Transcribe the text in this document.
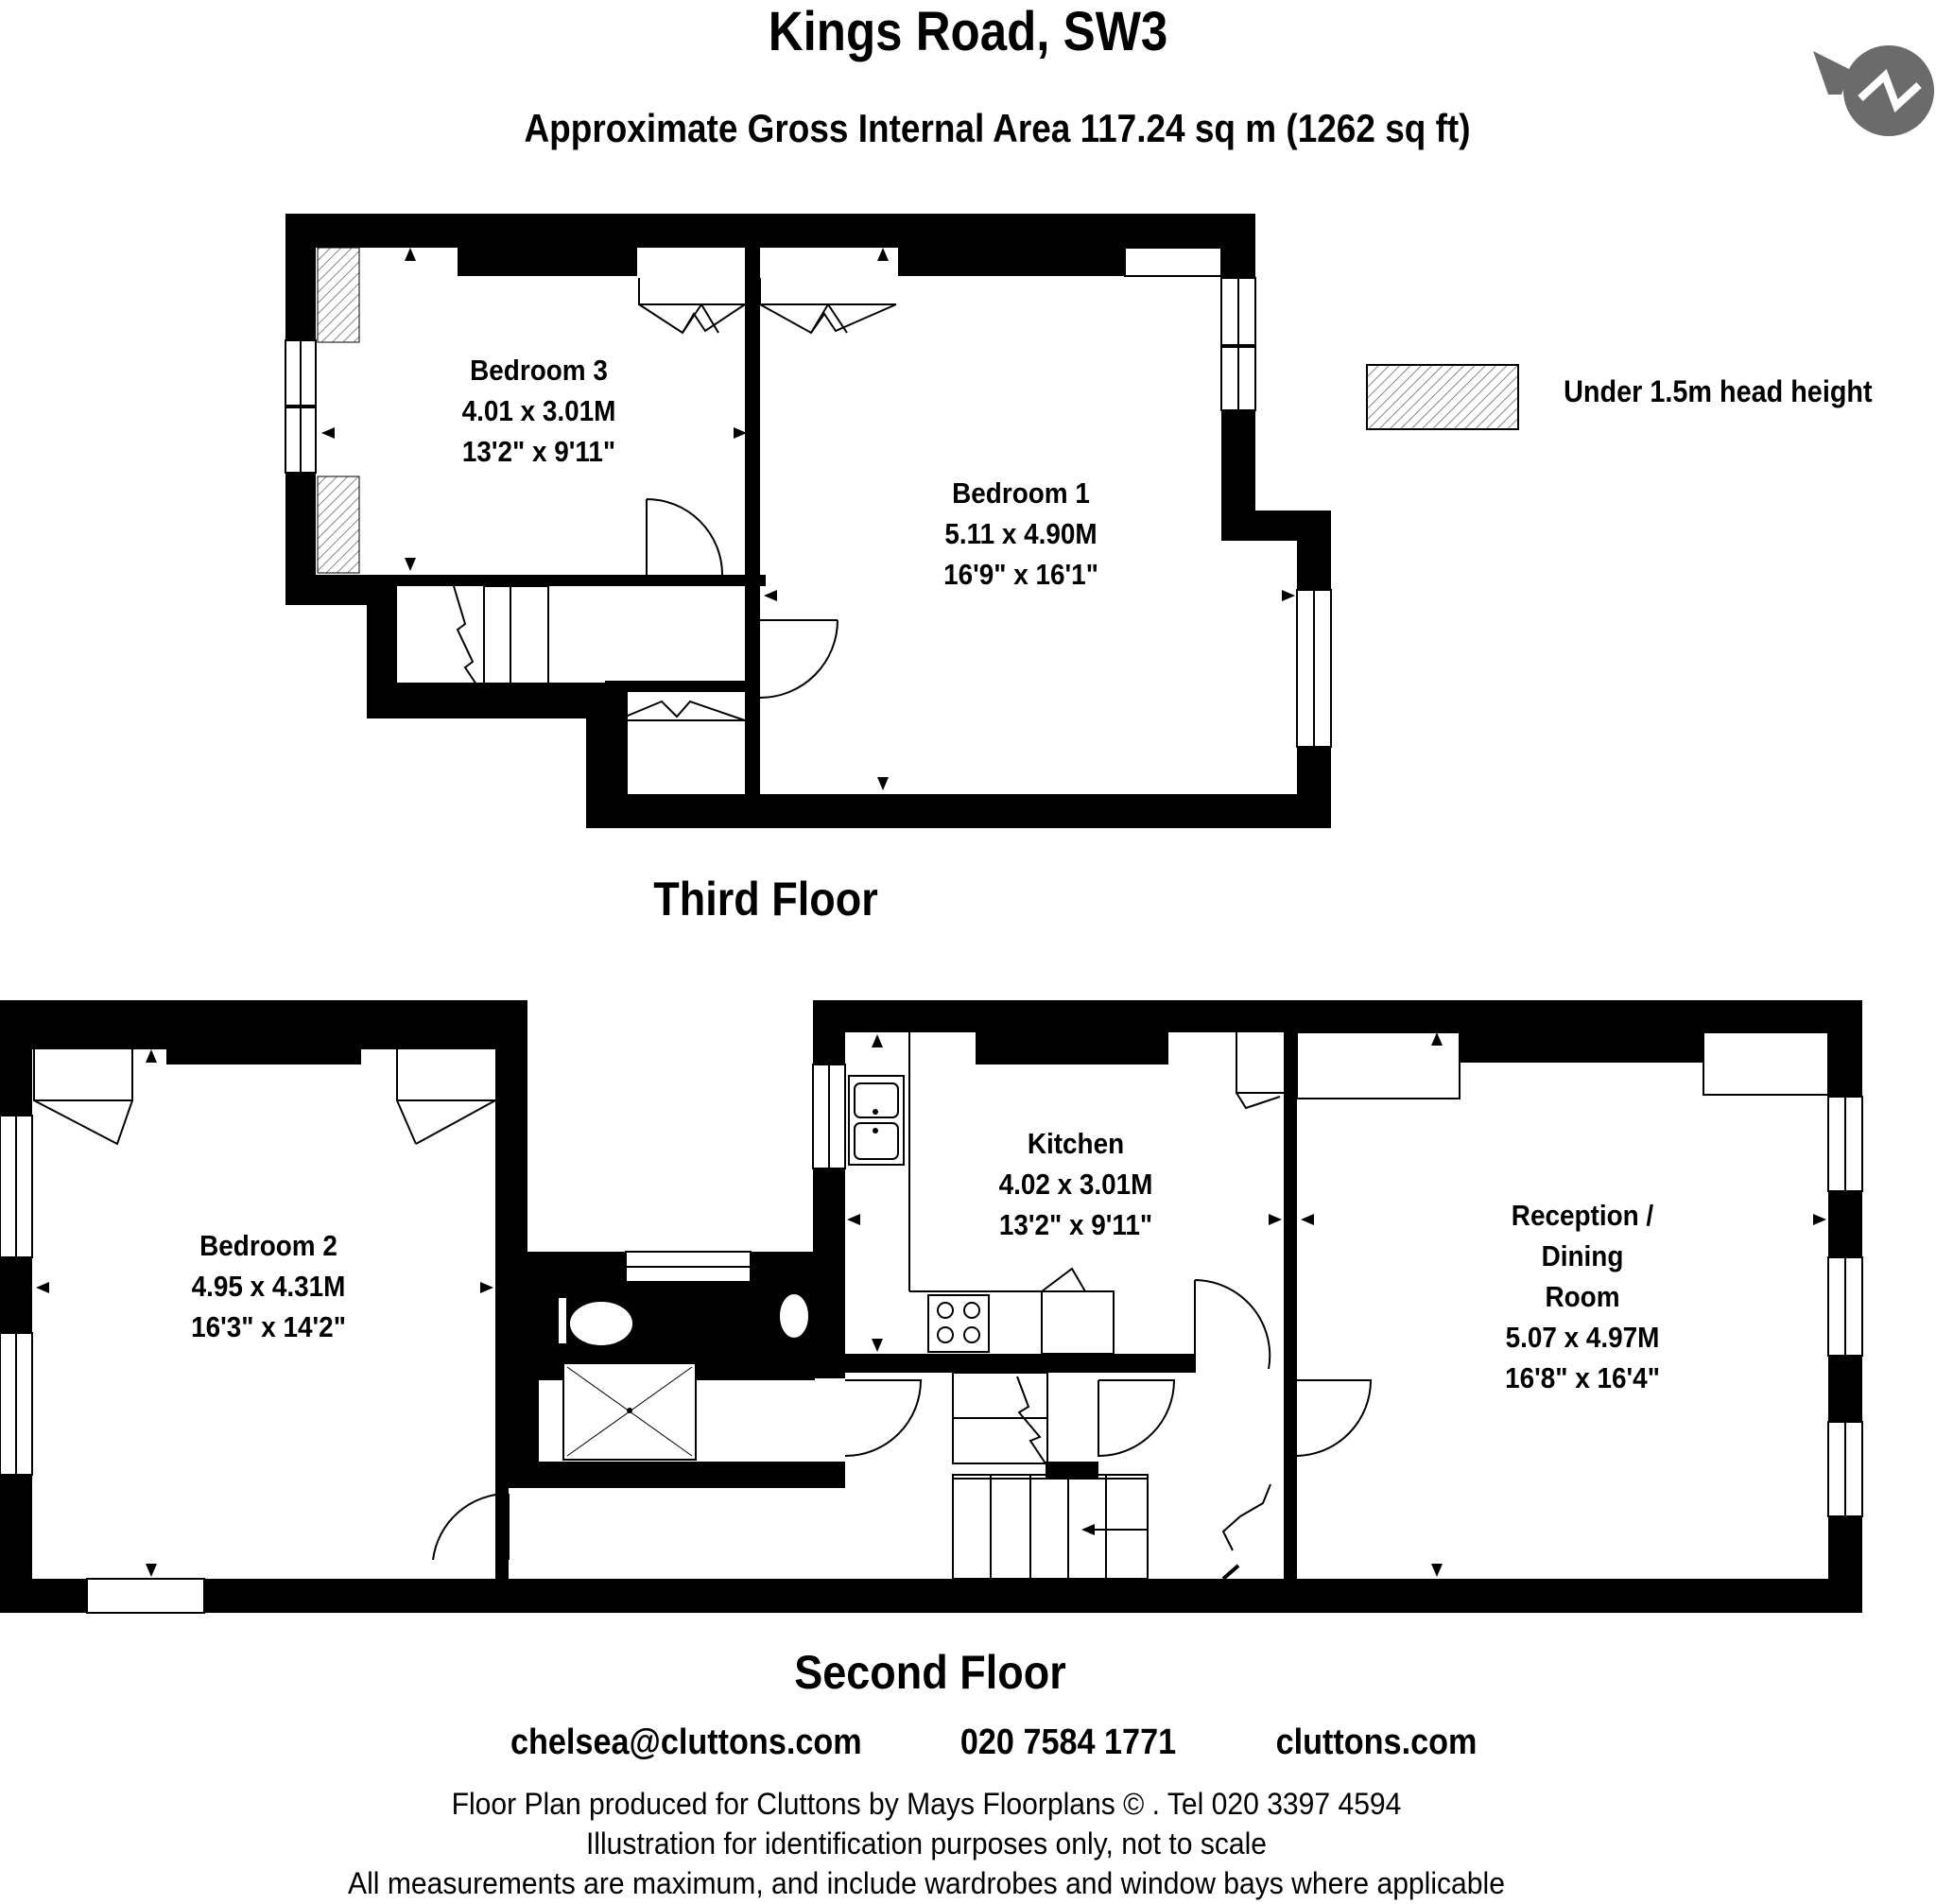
Kings Road, SW3
Approximate Gross Internal Area 117.24 sq m (1262 sq ft)
Under 1.5m head height
Bedroom 3
4.01 x 3.01M
13'2" x 9'11"
Bedroom 1
5.11 x 4.90M
16'9" x 16'1"
Third Floor
Bedroom 2
4.95 x 4.31M
16'3" x 14'2"
Kitchen
4.02 x 3.01M
13'2" x 9'11"	Reception /
Dining
Room
5.07 x 4.97M
16'8" x 16'4"
Second Floor
chelsea@cluttons.com	020 7584 1771	cluttons.com
Floor Plan produced for Cluttons by Mays Floorplans © . Tel 020 3397 4594
Illustration for identification purposes only, not to scale
All measurements are maximum, and include wardrobes and window bays where applicable
